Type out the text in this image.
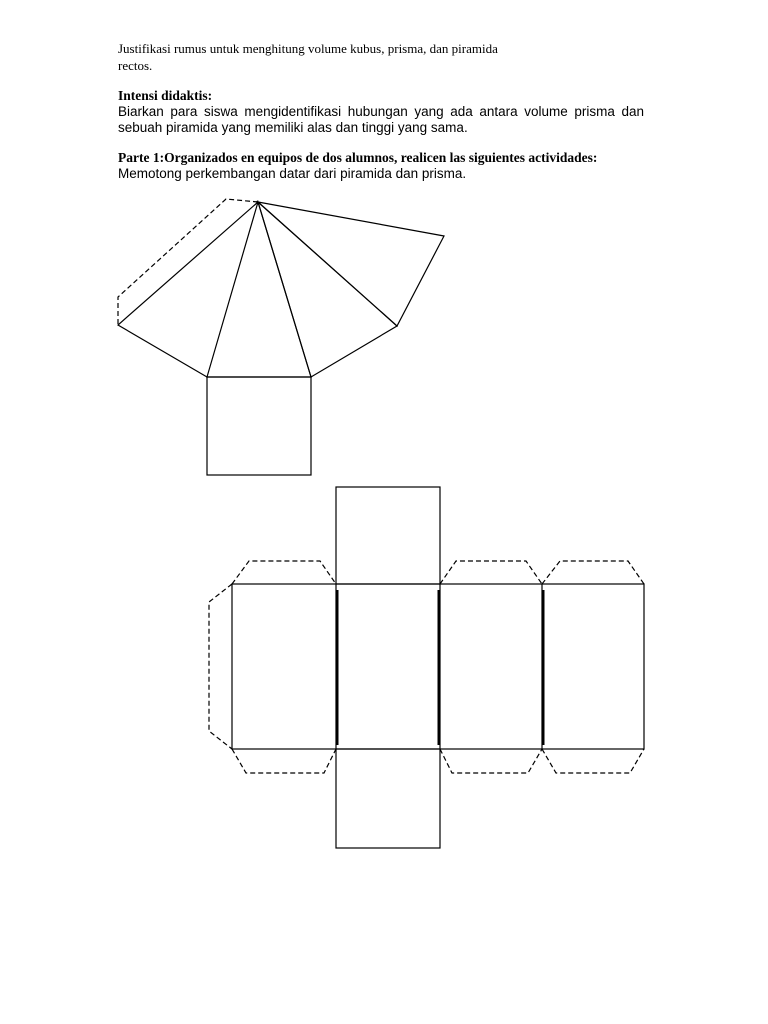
Justifikasi rumus untuk menghitung volume kubus, prisma, dan piramida
rectos.
Intensi didaktis:
Biarkan para siswa mengidentifikasi hubungan yang ada antara volume prisma dan
sebuah piramida yang memiliki alas dan tinggi yang sama.
Parte 1:Organizados en equipos de dos alumnos, realicen las siguientes actividades:
Memotong perkembangan datar dari piramida dan prisma.
